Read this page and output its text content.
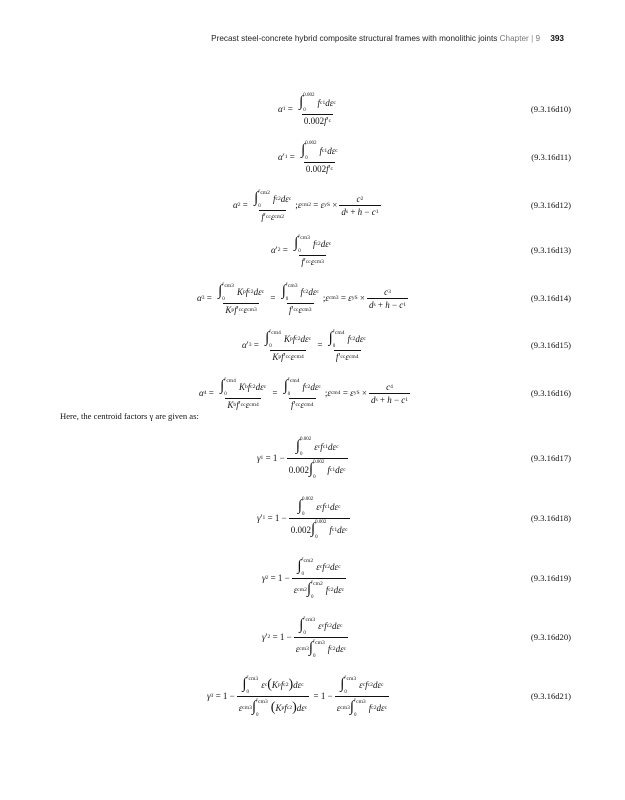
Precast steel-concrete hybrid composite structural frames with monolithic joints Chapter | 9 393
α 1 = ∫ 0.002
0
f c1 dε c
0.002 f ′ c	(9.3.16d10)
α ′ 1 = ∫ 0.002
0
f c1 dε c
0.002 f ′ c	(9.3.16d11)
α 2 = ∫ $\varepsilon_{cm2}$
0
f c2 dε c
f ′ cc ε cm2 ; ε cm2 = ε yS × $\frac{c 2}{\text{d s + h − c 1}}$	(9.3.16d12)
α ′ 2 = ∫ $\varepsilon_{cm3}$
0
f c2 dε c
f ′ cc ε cm3	(9.3.16d13)
α 3 = ∫ $\varepsilon_{cm3}$
0
K p f c2 dε c
K p f ′ cc ε cm3 = ∫ $\varepsilon_{cm3}$
0
f c2 dε c
f ′ cc ε cm3 ; ε cm3 = ε yS × $\frac{c 3}{\text{d s + h − c 1}}$	(9.3.16d14)
α ′ 3 = ∫ $\varepsilon_{cm4}$
0
K p f c2 dε c
K p f ′ cc ε cm4 = ∫ $\varepsilon_{cm4}$
0
f c2 dε c
f ′ cc ε cm4	(9.3.16d15)
α 4 = ∫ $\varepsilon_{cm4}$
0
K b f c2 dε c
K b f ′ cc ε cm4 = ∫ $\varepsilon_{cm4}$
0
f c2 dε c
f ′ cc ε cm4 ; ε cm4 = ε yS × $\frac{c 4}{\text{d s + h − c 1}}$	(9.3.16d16)
Here, the centroid factors γ are given as:
γ 1 = 1 − ∫ 0.002
0
ε c f c1 dε c
0.002 ∫ 0.002
0
f c1 dε c	(9.3.16d17)
γ ′ 1 = 1 − ∫ 0.002
0
ε c f c1 dε c
0.002 ∫ 0.002
0
f c1 dε c	(9.3.16d18)
γ 2 = 1 − ∫ $\varepsilon_{cm2}$
0
ε c f c2 dε c
ε cm2 ∫ $\varepsilon_{cm2}$
0
f c2 dε c	(9.3.16d19)
γ ′ 2 = 1 − ∫ $\varepsilon_{cm3}$
0
ε c f c2 dε c
ε cm3 ∫ $\varepsilon_{cm3}$
0
f c2 dε c	(9.3.16d20)
γ 3 = 1 − ∫ $\varepsilon_{cm3}$
0
ε c ( K p f c2 ) dε c
ε cm3 ∫ $\varepsilon_{cm3}$
0
( K p f c2 ) dε c = 1 − ∫ $\varepsilon_{cm3}$
0
ε c f c2 dε c
ε cm3 ∫ $\varepsilon_{cm3}$
0
f c2 dε c	(9.3.16d21)
